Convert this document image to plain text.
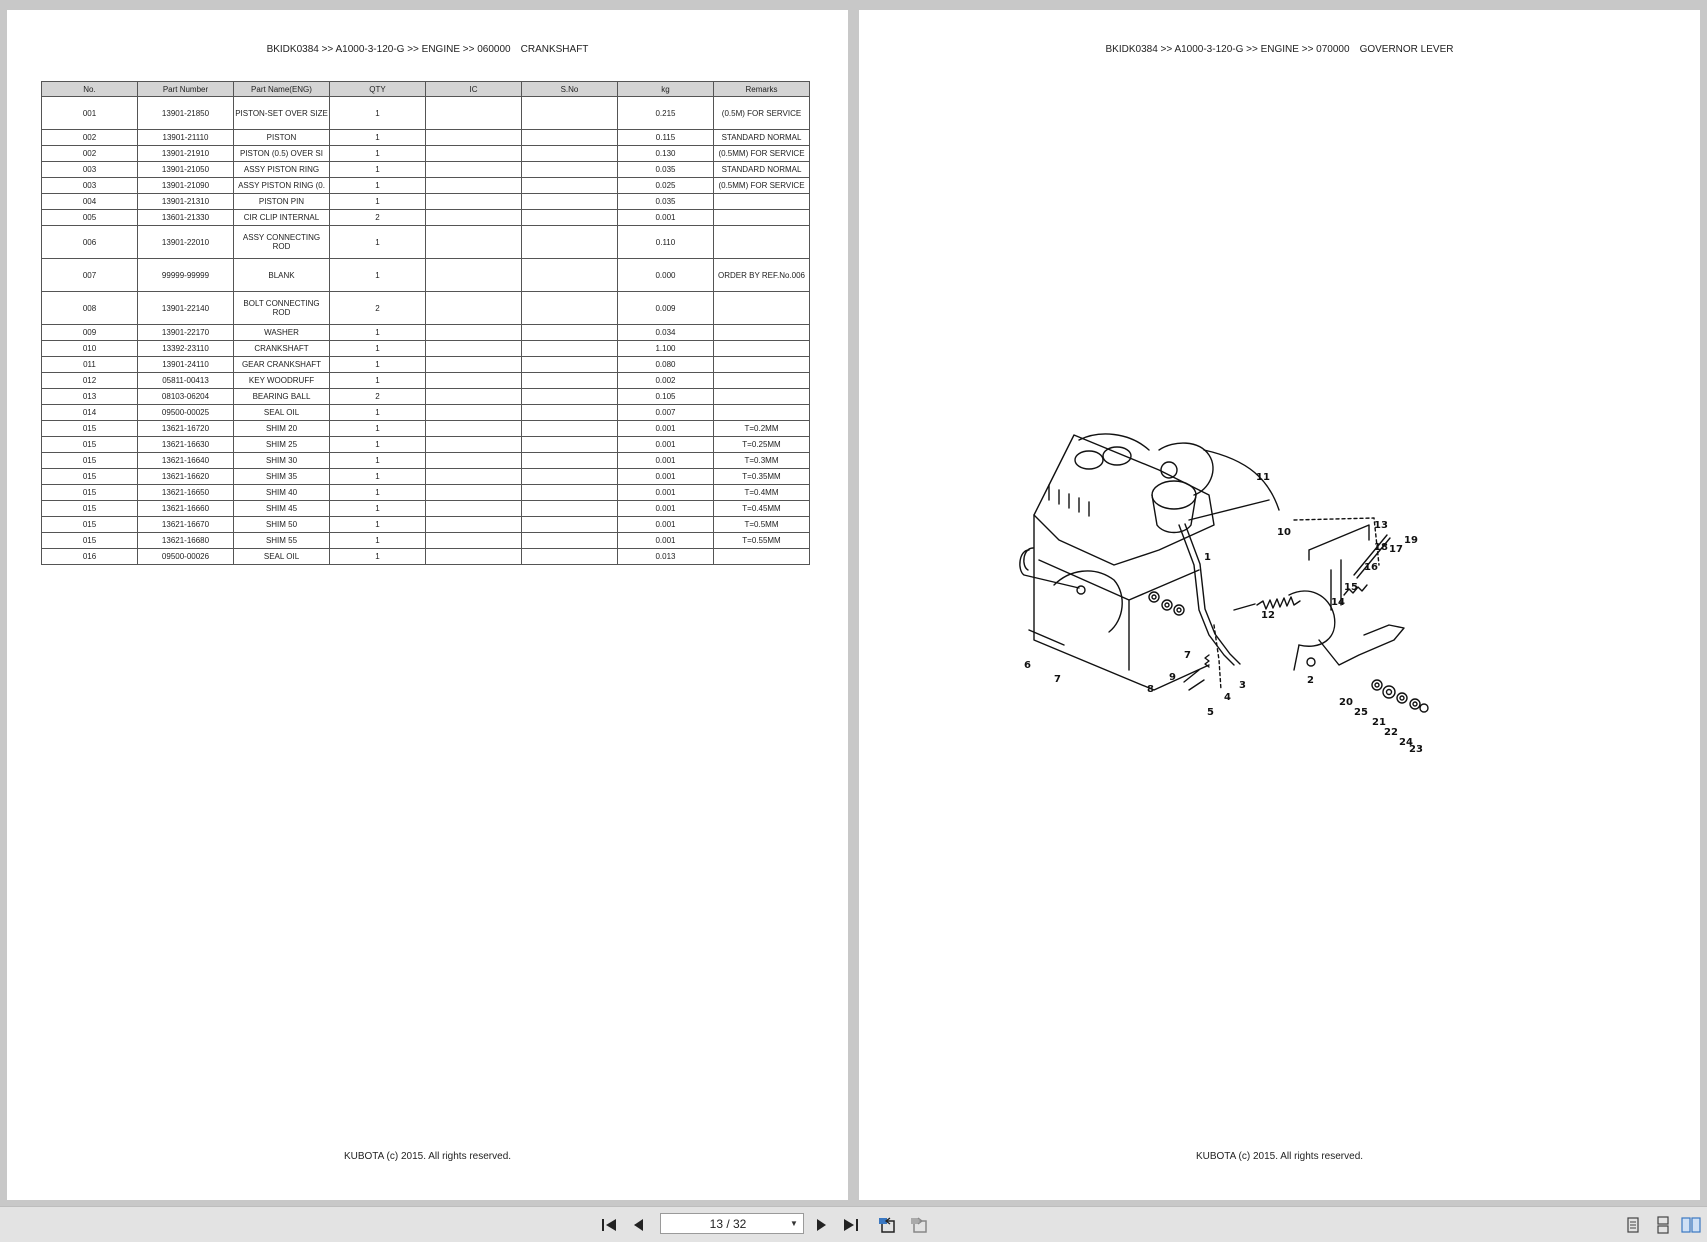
BKIDK0384 >> A1000-3-120-G >> ENGINE >> 060000 CRANKSHAFT
No.	Part Number	Part Name(ENG)	QTY	IC	S.No	kg	Remarks
001	13901-21850	PISTON-SET OVER SIZE	1			0.215	(0.5M) FOR SERVICE
002	13901-21110	PISTON	1			0.115	STANDARD NORMAL
002	13901-21910	PISTON (0.5) OVER SI	1			0.130	(0.5MM) FOR SERVICE
003	13901-21050	ASSY PISTON RING	1			0.035	STANDARD NORMAL
003	13901-21090	ASSY PISTON RING (0.	1			0.025	(0.5MM) FOR SERVICE
004	13901-21310	PISTON PIN	1			0.035	
005	13601-21330	CIR CLIP INTERNAL	2			0.001	
006	13901-22010	ASSY CONNECTING ROD	1			0.110	
007	99999-99999	BLANK	1			0.000	ORDER BY REF.No.006
008	13901-22140	BOLT CONNECTING ROD	2			0.009	
009	13901-22170	WASHER	1			0.034	
010	13392-23110	CRANKSHAFT	1			1.100	
011	13901-24110	GEAR CRANKSHAFT	1			0.080	
012	05811-00413	KEY WOODRUFF	1			0.002	
013	08103-06204	BEARING BALL	2			0.105	
014	09500-00025	SEAL OIL	1			0.007	
015	13621-16720	SHIM 20	1			0.001	T=0.2MM
015	13621-16630	SHIM 25	1			0.001	T=0.25MM
015	13621-16640	SHIM 30	1			0.001	T=0.3MM
015	13621-16620	SHIM 35	1			0.001	T=0.35MM
015	13621-16650	SHIM 40	1			0.001	T=0.4MM
015	13621-16660	SHIM 45	1			0.001	T=0.45MM
015	13621-16670	SHIM 50	1			0.001	T=0.5MM
015	13621-16680	SHIM 55	1			0.001	T=0.55MM
016	09500-00026	SEAL OIL	1			0.013	
KUBOTA (c) 2015. All rights reserved.
BKIDK0384 >> A1000-3-120-G >> ENGINE >> 070000 GOVERNOR LEVER
1
2
3
4
5
6
7
7
8
9
10
11
12
13
14
15
16
17
18
19
20
21
22
23
24
25
KUBOTA (c) 2015. All rights reserved.
13 / 32	▼
